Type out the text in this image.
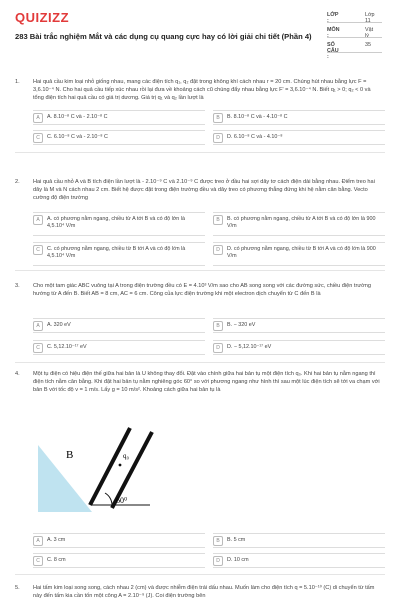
QUIZIZZ
283 Bài trắc nghiệm Mắt và các dụng cụ quang cực hay có lời giải chi tiết (Phần 4)
LỚP :
Lớp 11
MÔN :
Vật lý
SỐ CÂU :
35
1. Hai quả cầu kim loại nhỏ giống nhau, mang các điện tích q₁, q₂ đặt trong không khí cách nhau r = 20 cm. Chúng hút nhau bằng lực F = 3,6.10⁻⁴ N. Cho hai quả cầu tiếp xúc nhau rồi lại đưa về khoảng cách cũ chúng đẩy nhau bằng lực F' = 3,6.10⁻⁴ N. Biết q₁ > 0; q₂ < 0 và tổng điện tích hai quả cầu có giá trị dương. Giá trị q₁ và q₂ lần lượt là
A	A. 8.10⁻⁸ C và - 2.10⁻⁸ C	B	B. 8.10⁻⁸ C và - 4.10⁻⁸ C
C	C. 6.10⁻⁸ C và - 2.10⁻⁸ C	D	D. 6.10⁻⁸ C và - 4.10⁻⁸
2. Hai quả cầu nhỏ A và B tích điện lần lượt là - 2.10⁻⁹ C và 2.10⁻⁹ C được treo ở đầu hai sợi dây tơ cách điện dài bằng nhau. Điểm treo hai dây là M và N cách nhau 2 cm. Biết hệ được đặt trong điện trường đều và dây treo có phương thẳng đứng khi hệ nằm cân bằng. Vecto cường độ điện trường
A	A. có phương nằm ngang, chiều từ A tới B và có độ lớn là 4,5.10⁴ V/m
B	B. có phương nằm ngang, chiều từ A tới B và có độ lớn là 900 V/m
C	C. có phương nằm ngang, chiều từ B tới A và có độ lớn là 4,5.10⁴ V/m
D	D. có phương nằm ngang, chiều từ B tới A và có độ lớn là 900 V/m
3. Cho một tam giác ABC vuông tại A trong điện trường đều có E = 4.10³ V/m sao cho AB song song với các đường sức, chiều điện trường hướng từ A đến B. Biết AB = 8 cm, AC = 6 cm. Công của lực điện trường khi một electron dịch chuyển từ C đến B là
A	A. 320 eV	B	B. − 320 eV
C	C. 5,12.10⁻¹⁷ eV	D	D. − 5,12.10⁻¹⁷ eV
4. Một tụ điện có hiệu điện thế giữa hai bản là U không thay đổi. Đặt vào chính giữa hai bản tụ một điện tích q₀. Khi hai bản tụ nằm ngang thì điện tích nằm cân bằng. Khi đặt hai bản tụ nằm nghiêng góc 60° so với phương ngang như hình thì sau một lúc điện tích sẽ tới va chạm với bản B với tốc độ v = 1 m/s. Lấy g = 10 m/s². Khoảng cách giữa hai bản tụ là
B	q₀
60⁰
A	A. 3 cm	B	B. 5 cm
C	C. 8 cm	D	D. 10 cm
5. Hai tấm kim loại song song, cách nhau 2 (cm) và được nhiễm điện trái dấu nhau. Muốn làm cho điện tích q = 5.10⁻¹⁰ (C) di chuyển từ tấm này đến tấm kia cần tốn một công A = 2.10⁻⁹ (J). Coi điện trường bên
